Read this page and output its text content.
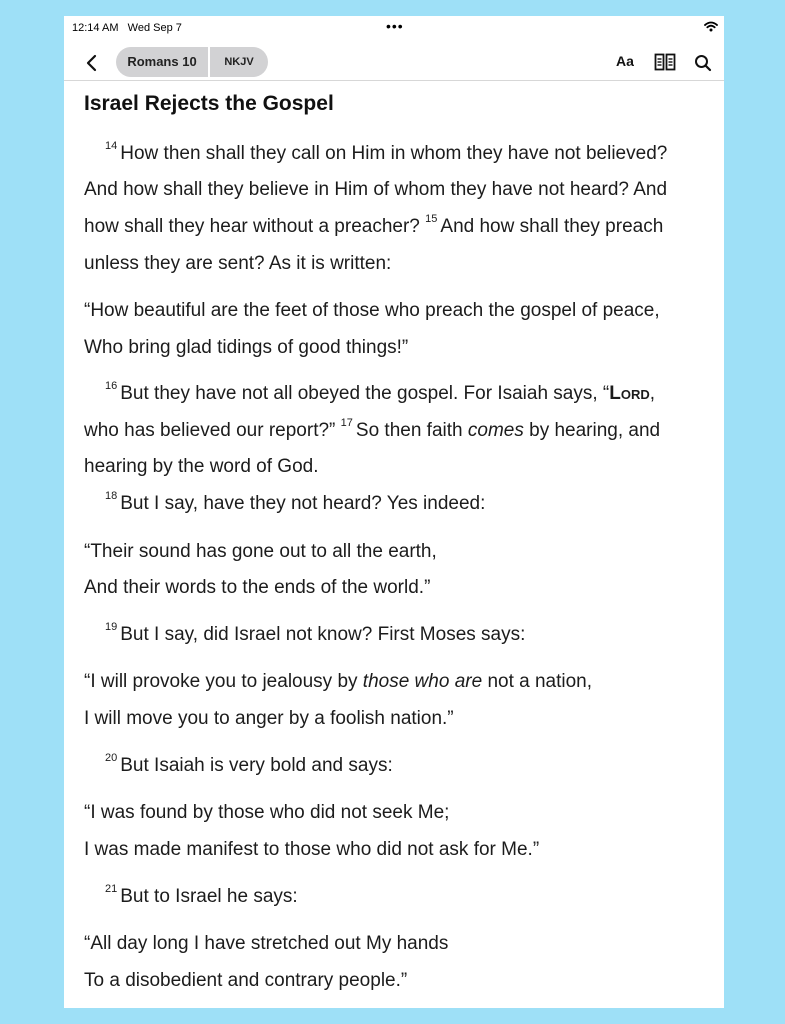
12:14 AM Wed Sep 7	•••
Romans 10	NKJV	Aa
Israel Rejects the Gospel
$^{14}$ How then shall they call on Him in whom they have not believed?
And how shall they believe in Him of whom they have not heard? And
how shall they hear without a preacher? $^{15}$ And how shall they preach
unless they are sent? As it is written:
“How beautiful are the feet of those who preach the gospel of peace,
Who bring glad tidings of good things!”
$^{16}$ But they have not all obeyed the gospel. For Isaiah says, “Lord,
who has believed our report?” $^{17}$ So then faith comes by hearing, and
hearing by the word of God.
$^{18}$ But I say, have they not heard? Yes indeed:
“Their sound has gone out to all the earth,
And their words to the ends of the world.”
$^{19}$ But I say, did Israel not know? First Moses says:
“I will provoke you to jealousy by those who are not a nation,
I will move you to anger by a foolish nation.”
$^{20}$ But Isaiah is very bold and says:
“I was found by those who did not seek Me;
I was made manifest to those who did not ask for Me.”
$^{21}$ But to Israel he says:
“All day long I have stretched out My hands
To a disobedient and contrary people.”
